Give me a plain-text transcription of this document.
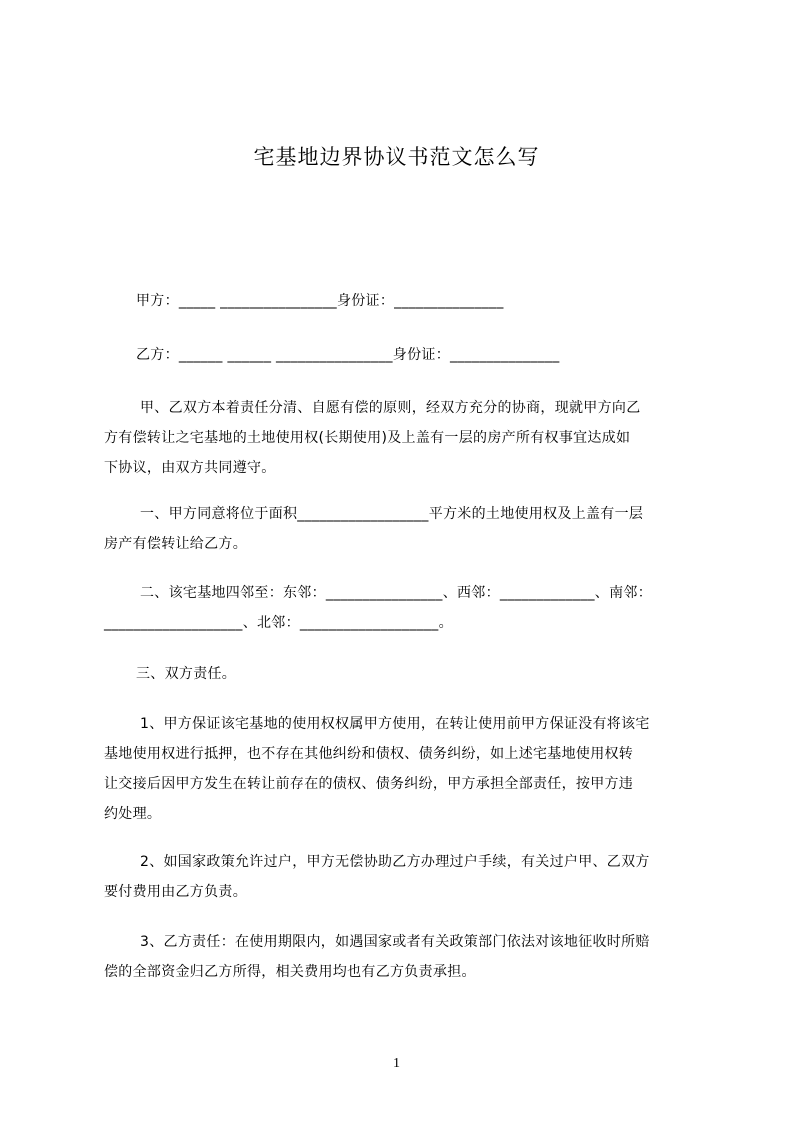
宅基地边界协议书范文怎么写
甲方：_____ ________________身份证：_______________
乙方：______ ______ ________________身份证：_______________
甲、乙双方本着责任分清、自愿有偿的原则，经双方充分的协商，现就甲方向乙
方有偿转让之宅基地的土地使用权(长期使用)及上盖有一层的房产所有权事宜达成如
下协议，由双方共同遵守。
一、甲方同意将位于面积__________________平方米的土地使用权及上盖有一层
房产有偿转让给乙方。
二、该宅基地四邻至：东邻：________________、西邻：_____________、南邻：
___________________、北邻：___________________。
三、双方责任。
1、甲方保证该宅基地的使用权权属甲方使用，在转让使用前甲方保证没有将该宅
基地使用权进行抵押，也不存在其他纠纷和债权、债务纠纷，如上述宅基地使用权转
让交接后因甲方发生在转让前存在的债权、债务纠纷，甲方承担全部责任，按甲方违
约处理。
2、如国家政策允许过户，甲方无偿协助乙方办理过户手续，有关过户甲、乙双方
要付费用由乙方负责。
3、乙方责任：在使用期限内，如遇国家或者有关政策部门依法对该地征收时所赔
偿的全部资金归乙方所得，相关费用均也有乙方负责承担。
1
